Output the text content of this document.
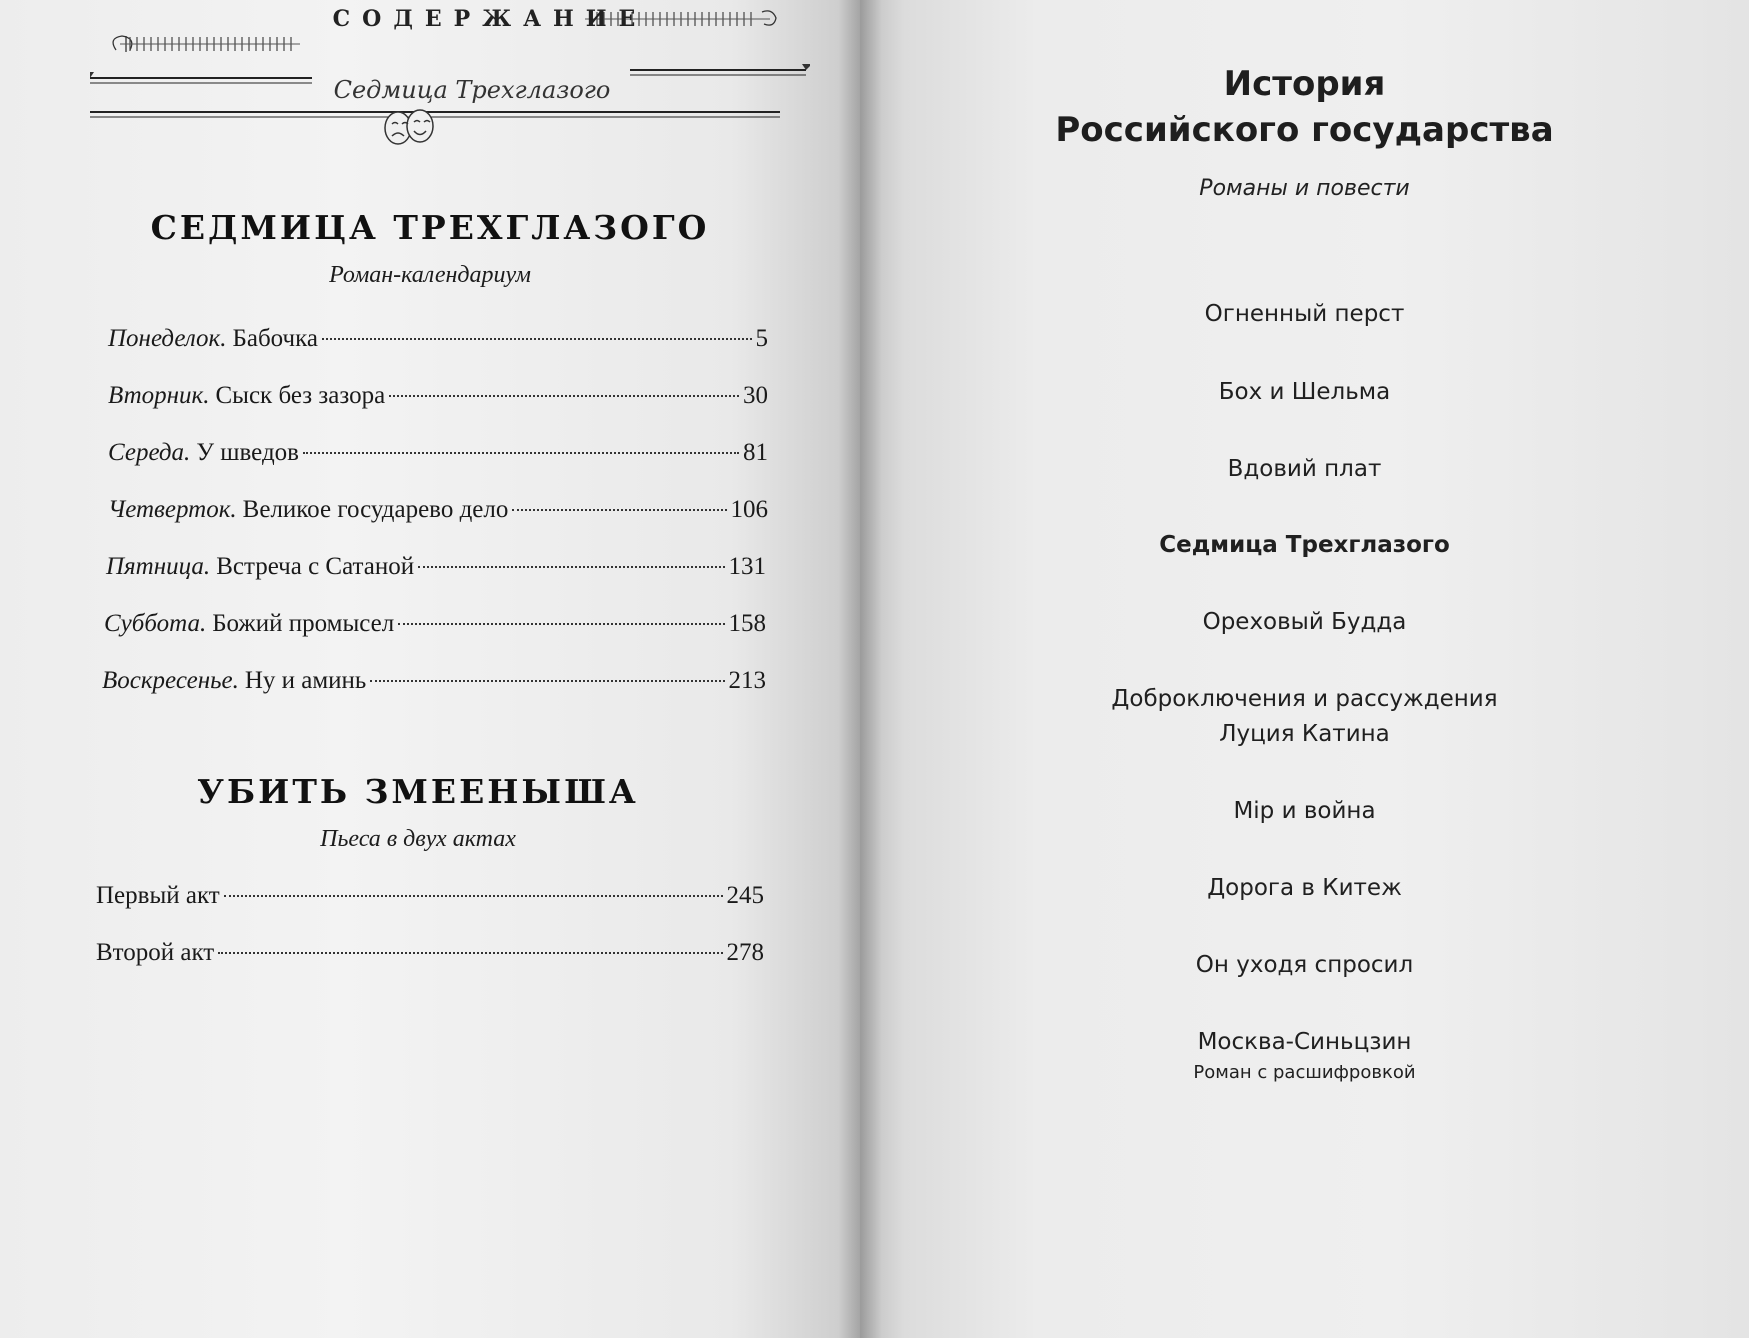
СОДЕРЖАНИЕ
Седмица Трехглазого
СЕДМИЦА ТРЕХГЛАЗОГО
Роман-календариум
Понеделок. Бабочка	5
Вторник. Сыск без зазора	30
Середа. У шведов	81
Четверток. Великое государево дело	106
Пятница. Встреча с Сатаной	131
Суббота. Божий промысел	158
Воскресенье. Ну и аминь	213
УБИТЬ ЗМЕЕНЫША
Пьеса в двух актах
Первый акт	245
Второй акт	278
История
Российского государства
Романы и повести
Огненный перст
Бох и Шельма
Вдовий плат
Седмица Трехглазого
Ореховый Будда
Доброключения и рассуждения
Луция Катина
Mip и война
Дорога в Китеж
Он уходя спросил
Москва-Синьцзин
Роман с расшифровкой
